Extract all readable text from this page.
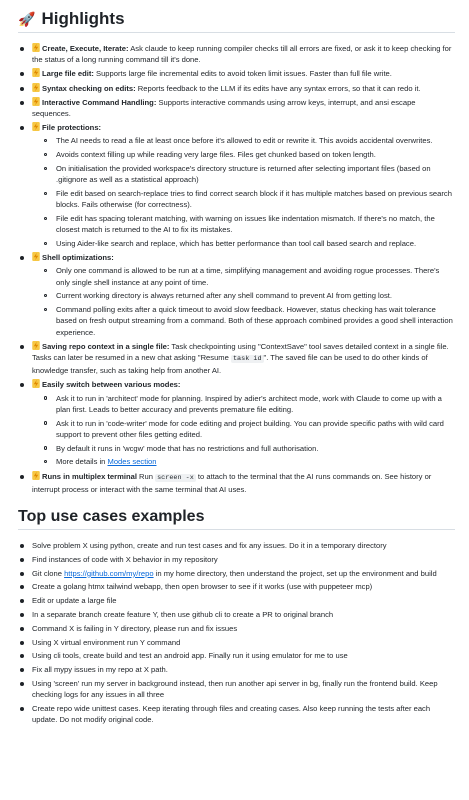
🚀 Highlights
Create, Execute, Iterate: Ask claude to keep running compiler checks till all errors are fixed, or ask it to keep checking for the status of a long running command till it's done.
Large file edit: Supports large file incremental edits to avoid token limit issues. Faster than full file write.
Syntax checking on edits: Reports feedback to the LLM if its edits have any syntax errors, so that it can redo it.
Interactive Command Handling: Supports interactive commands using arrow keys, interrupt, and ansi escape sequences.
File protections:
The AI needs to read a file at least once before it's allowed to edit or rewrite it. This avoids accidental overwrites.
Avoids context filling up while reading very large files. Files get chunked based on token length.
On initialisation the provided workspace's directory structure is returned after selecting important files (based on .gitignore as well as a statistical approach)
File edit based on search-replace tries to find correct search block if it has multiple matches based on previous search blocks. Fails otherwise (for correctness).
File edit has spacing tolerant matching, with warning on issues like indentation mismatch. If there's no match, the closest match is returned to the AI to fix its mistakes.
Using Aider-like search and replace, which has better performance than tool call based search and replace.
Shell optimizations:
Only one command is allowed to be run at a time, simplifying management and avoiding rogue processes. There's only single shell instance at any point of time.
Current working directory is always returned after any shell command to prevent AI from getting lost.
Command polling exits after a quick timeout to avoid slow feedback. However, status checking has wait tolerance based on fresh output streaming from a command. Both of these approach combined provides a good shell interaction experience.
Saving repo context in a single file: Task checkpointing using "ContextSave" tool saves detailed context in a single file. Tasks can later be resumed in a new chat asking "Resume task id ". The saved file can be used to do other kinds of knowledge transfer, such as taking help from another AI.
Easily switch between various modes:
Ask it to run in 'architect' mode for planning. Inspired by adier's architect mode, work with Claude to come up with a plan first. Leads to better accuracy and prevents premature file editing.
Ask it to run in 'code-writer' mode for code editing and project building. You can provide specific paths with wild card support to prevent other files getting edited.
By default it runs in 'wcgw' mode that has no restrictions and full authorisation.
More details in Modes section
Runs in multiplex terminal Run screen -x to attach to the terminal that the AI runs commands on. See history or interrupt process or interact with the same terminal that AI uses.
Top use cases examples
Solve problem X using python, create and run test cases and fix any issues. Do it in a temporary directory
Find instances of code with X behavior in my repository
Git clone https://github.com/my/repo in my home directory, then understand the project, set up the environment and build
Create a golang htmx tailwind webapp, then open browser to see if it works (use with puppeteer mcp)
Edit or update a large file
In a separate branch create feature Y, then use github cli to create a PR to original branch
Command X is failing in Y directory, please run and fix issues
Using X virtual environment run Y command
Using cli tools, create build and test an android app. Finally run it using emulator for me to use
Fix all mypy issues in my repo at X path.
Using 'screen' run my server in background instead, then run another api server in bg, finally run the frontend build. Keep checking logs for any issues in all three
Create repo wide unittest cases. Keep iterating through files and creating cases. Also keep running the tests after each update. Do not modify original code.
